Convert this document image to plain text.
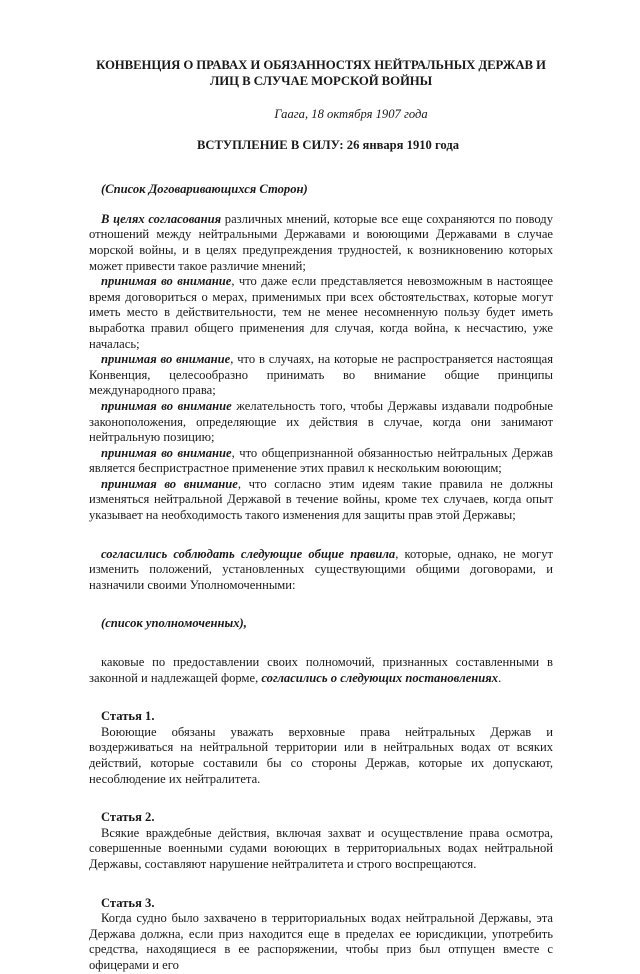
КОНВЕНЦИЯ О ПРАВАХ И ОБЯЗАННОСТЯХ НЕЙТРАЛЬНЫХ ДЕРЖАВ И
ЛИЦ В СЛУЧАЕ МОРСКОЙ ВОЙНЫ
Гаага, 18 октября 1907 года
ВСТУПЛЕНИЕ В СИЛУ: 26 января 1910 года
(Список Договаривающихся Сторон)

В целях согласования различных мнений, которые все еще сохраняются по поводу отношений между нейтральными Державами и воюющими Державами в случае морской войны, и в целях предупреждения трудностей, к возникновению которых может привести такое различие мнений;

принимая во внимание, что даже если представляется невозможным в настоящее время договориться о мерах, применимых при всех обстоятельствах, которые могут иметь место в действительности, тем не менее несомненную пользу будет иметь выработка правил общего применения для случая, когда война, к несчастию, уже началась;

принимая во внимание, что в случаях, на которые не распространяется настоящая Конвенция, целесообразно принимать во внимание общие принципы международного права;

принимая во внимание желательность того, чтобы Державы издавали подробные законоположения, определяющие их действия в случае, когда они занимают нейтральную позицию;

принимая во внимание, что общепризнанной обязанностью нейтральных Держав является беспристрастное применение этих правил к нескольким воюющим;

принимая во внимание, что согласно этим идеям такие правила не должны изменяться нейтральной Державой в течение войны, кроме тех случаев, когда опыт указывает на необходимость такого изменения для защиты прав этой Державы;

согласились соблюдать следующие общие правила, которые, однако, не могут изменить положений, установленных существующими общими договорами, и назначили своими Уполномоченными:

(список уполномоченных),

каковые по предоставлении своих полномочий, признанных составленными в законной и надлежащей форме, согласились о следующих постановлениях.

Статья 1.

Воюющие обязаны уважать верховные права нейтральных Держав и воздерживаться на нейтральной территории или в нейтральных водах от всяких действий, которые составили бы со стороны Держав, которые их допускают, несоблюдение их нейтралитета.

Статья 2.

Всякие враждебные действия, включая захват и осуществление права осмотра, совершенные военными судами воюющих в территориальных водах нейтральной Державы, составляют нарушение нейтралитета и строго воспрещаются.

Статья 3.

Когда судно было захвачено в территориальных водах нейтральной Державы, эта Держава должна, если приз находится еще в пределах ее юрисдикции, употребить средства, находящиеся в ее распоряжении, чтобы приз был отпущен вместе с офицерами и его
